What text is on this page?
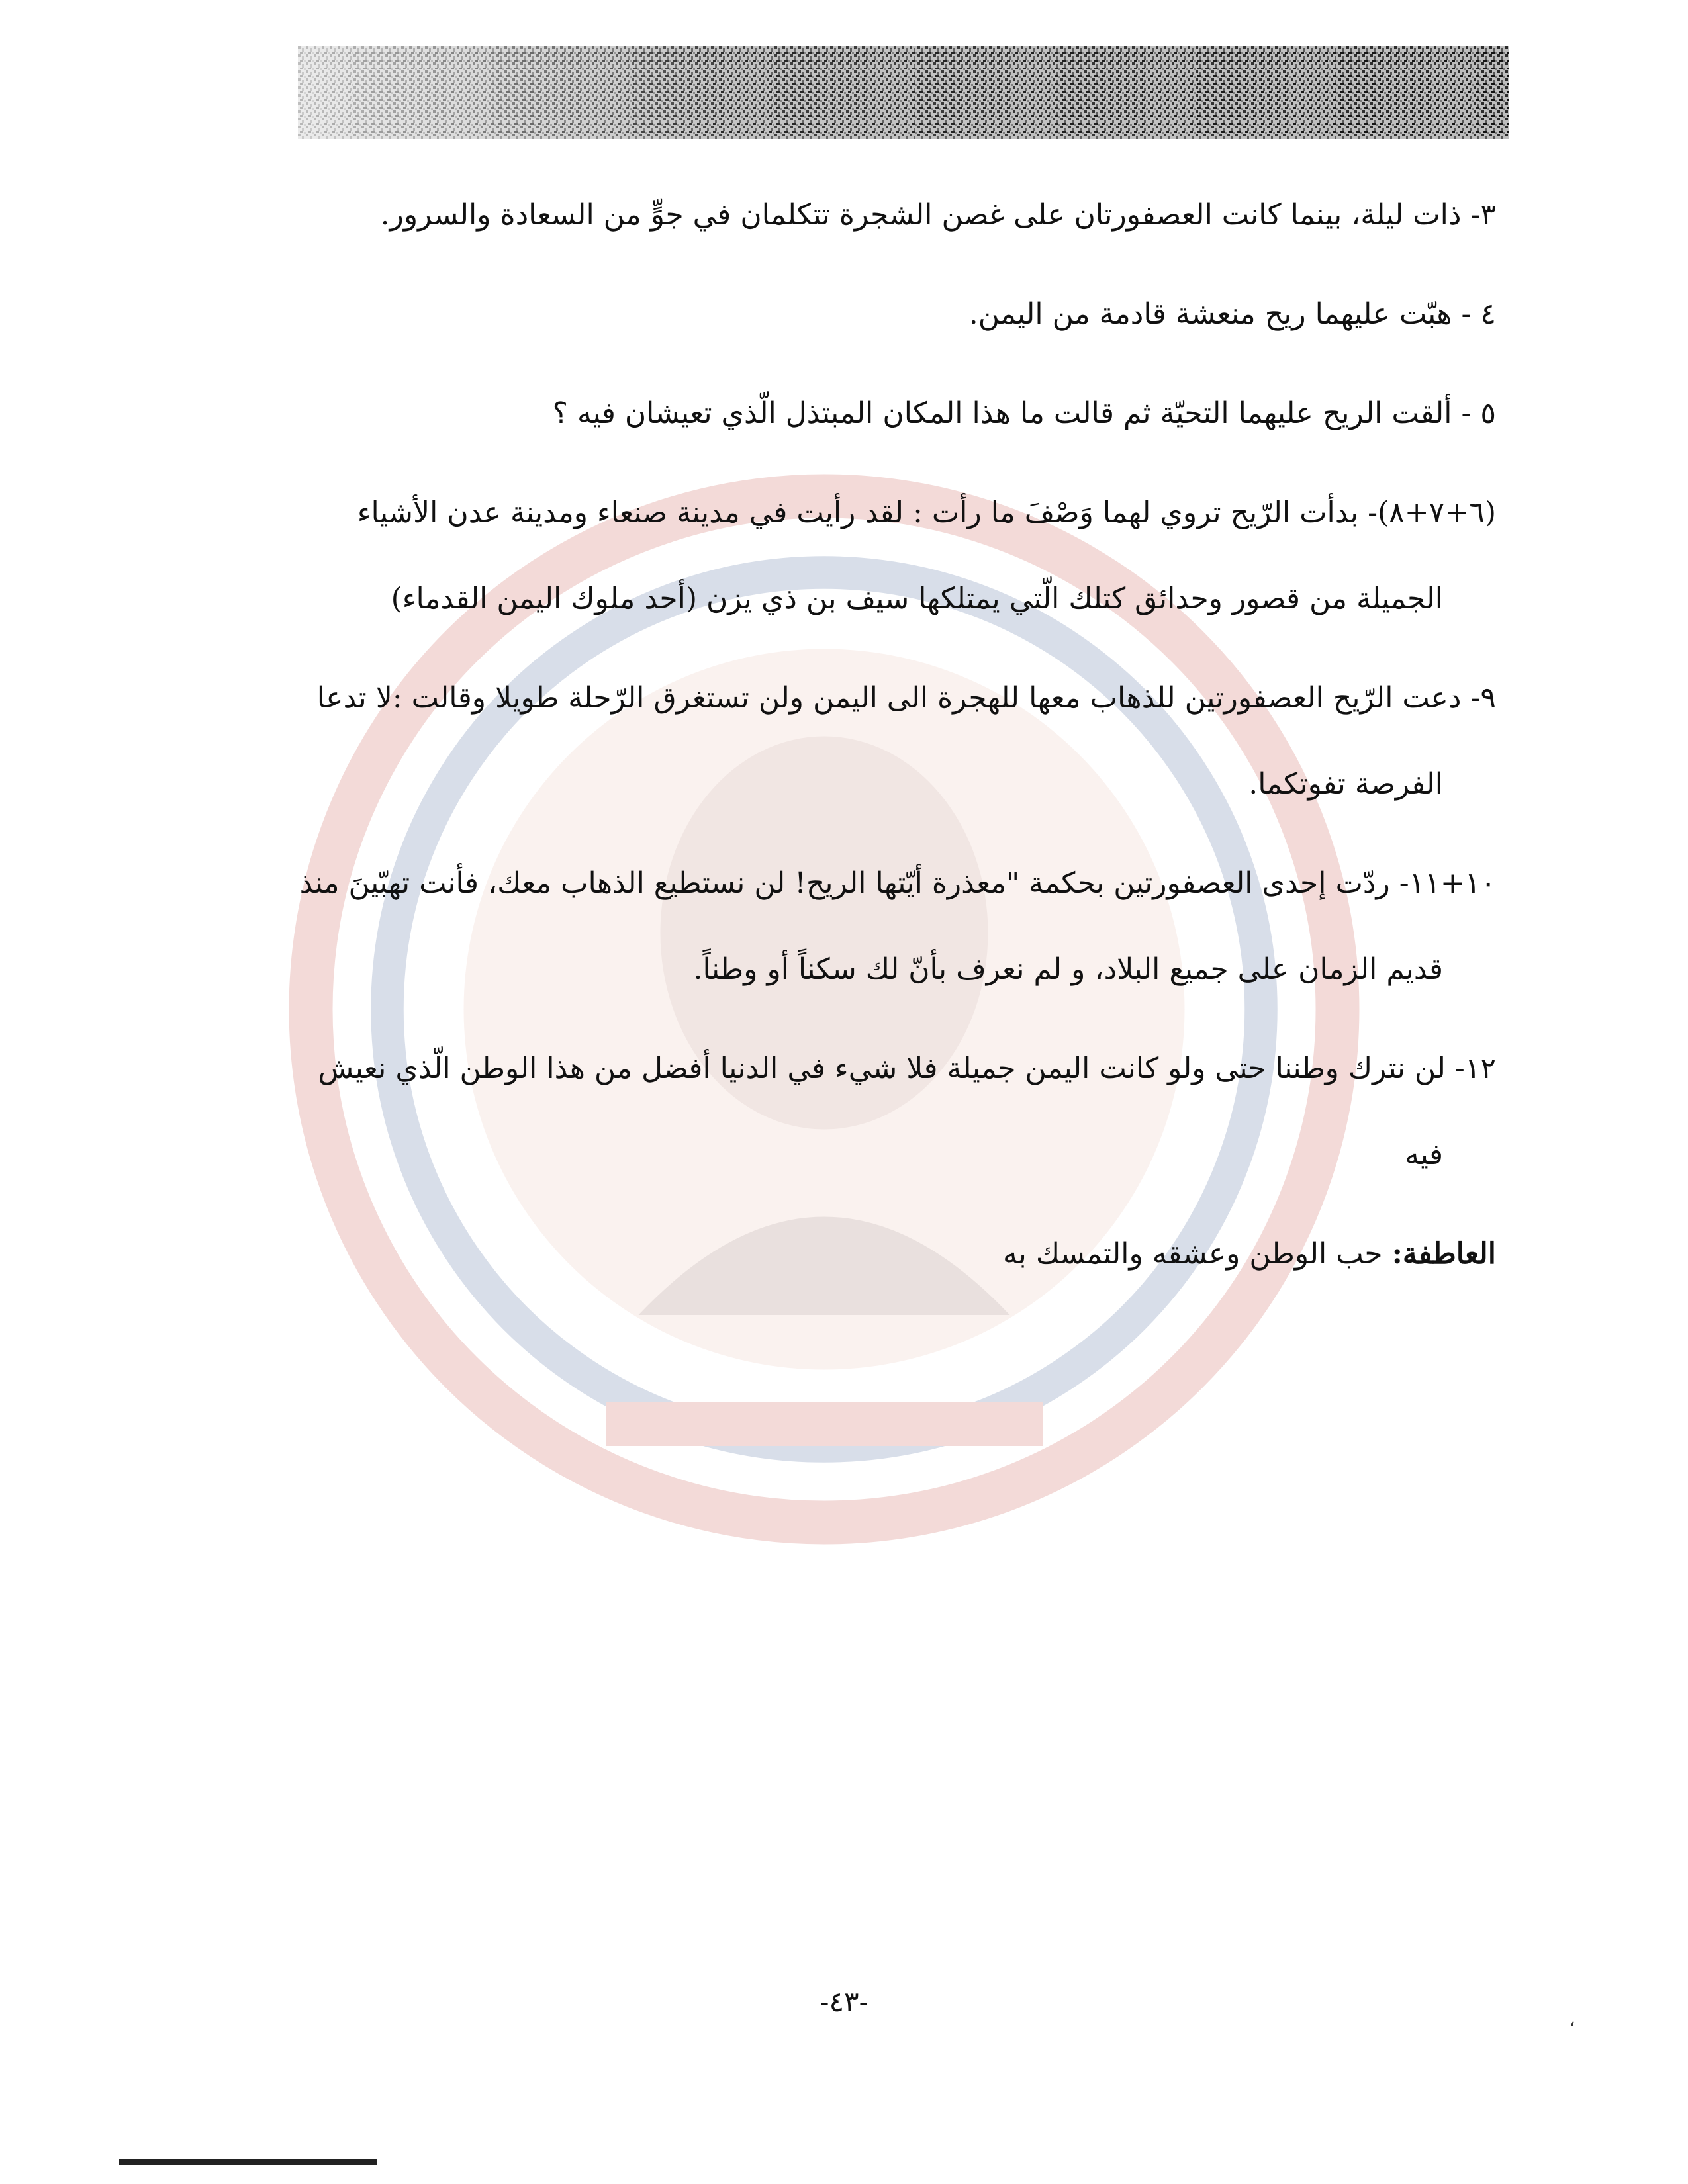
٣- ذات ليلة، بينما كانت العصفورتان على غصن الشجرة تتكلمان في جوٍّ من السعادة والسرور.

٤ - هبّت عليهما ريح منعشة قادمة من اليمن.

٥ - ألقت الريح عليهما التحيّة ثم قالت ما هذا المكان المبتذل الّذي تعيشان فيه ؟

(٦+٧+٨)- بدأت الرّيح تروي لهما وَصْفَ ما رأت : لقد رأيت في مدينة صنعاء ومدينة عدن الأشياء الجميلة من قصور وحدائق كتلك الّتي يمتلكها سيف بن ذي يزن (أحد ملوك اليمن القدماء)

٩- دعت الرّيح العصفورتين للذهاب معها للهجرة الى اليمن ولن تستغرق الرّحلة طويلا وقالت :لا تدعا الفرصة تفوتكما.

١٠+١١- ردّت إحدى العصفورتين بحكمة "معذرة أيّتها الريح! لن نستطيع الذهاب معك، فأنت تهبّينَ منذ قديم الزمان على جميع البلاد، و لم نعرف بأنّ لك سكناً أو وطناً.

١٢- لن نترك وطننا حتى ولو كانت اليمن جميلة فلا شيء في الدنيا أفضل من هذا الوطن الّذي نعيش فيه

العاطفة: حب الوطن وعشقه والتمسك به

-٤٣-
،
